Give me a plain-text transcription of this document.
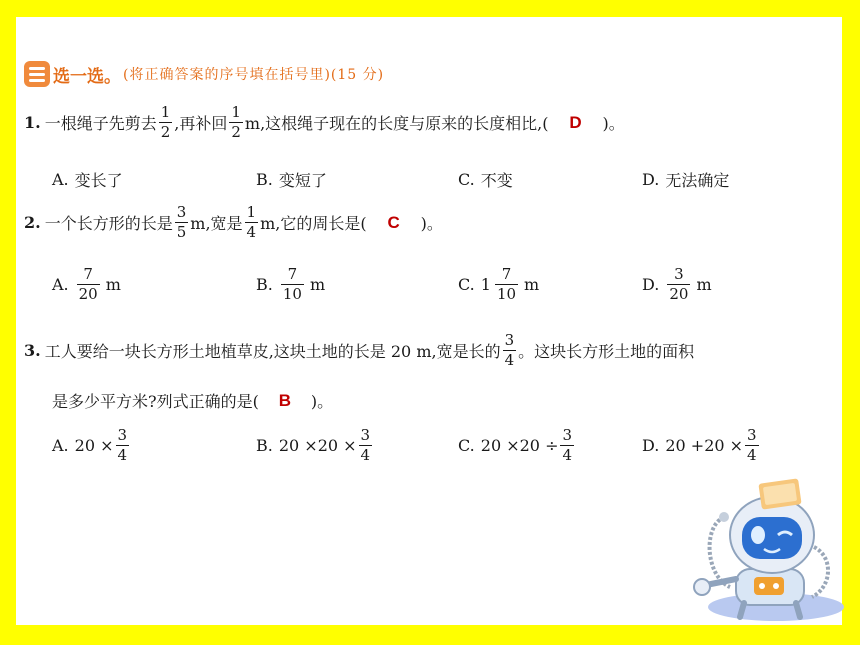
选一选。 (将正确答案的序号填在括号里)(15 分)
1. 一根绳子先剪去 $\frac{1}{2}$ ,再补回 $\frac{1}{2} m$,这根绳子现在的长度与原来的长度相比,(	D	)。
A. 变长了	B. 变短了	C. 不变	D. 无法确定
2. 一个长方形的长是 $\frac{3}{5} m$,宽是 $\frac{1}{4} m$,它的周长是(	C	)。
A. $\frac{7}{20}$ m	B. $\frac{7}{10}$ m	C. $1 \frac{7}{10}$ m	D. $\frac{3}{20}$ m
3. 工人要给一块长方形土地植草皮,这块土地的长是 20 m,宽是长的 $\frac{3}{4}$ 。这块长方形土地的面积
是多少平方米?列式正确的是(	B	)。
A. $20 \times \frac{3}{4}$	B. $20 \times 20 \times \frac{3}{4}$	C. $20 \times 20 \div \frac{3}{4}$	D. $20 +20 \times \frac{3}{4}$
